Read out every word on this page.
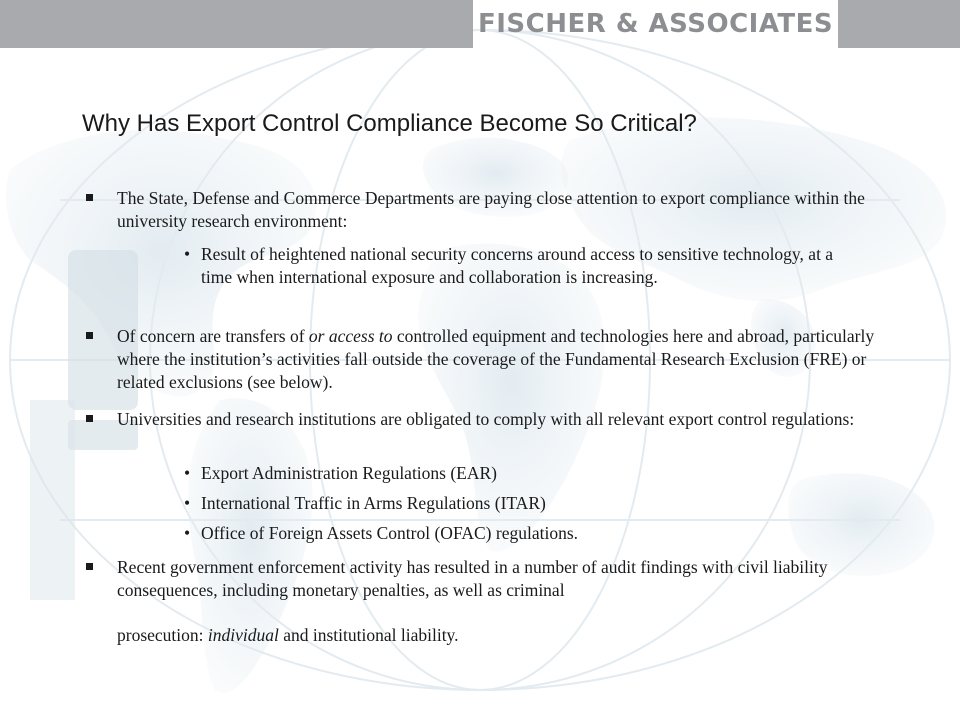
FISCHER & ASSOCIATES
Why Has Export Control Compliance Become So Critical?
The State, Defense and Commerce Departments are paying close attention to export compliance within the university research environment:
• Result of heightened national security concerns around access to sensitive technology, at a time when international exposure and collaboration is increasing.
Of concern are transfers of or access to controlled equipment and technologies here and abroad, particularly where the institution’s activities fall outside the coverage of the Fundamental Research Exclusion (FRE) or related exclusions (see below).
Universities and research institutions are obligated to comply with all relevant export control regulations:
• Export Administration Regulations (EAR)
• International Traffic in Arms Regulations (ITAR)
• Office of Foreign Assets Control (OFAC) regulations.
Recent government enforcement activity has resulted in a number of audit findings with civil liability consequences, including monetary penalties, as well as criminal
prosecution: individual and institutional liability.
